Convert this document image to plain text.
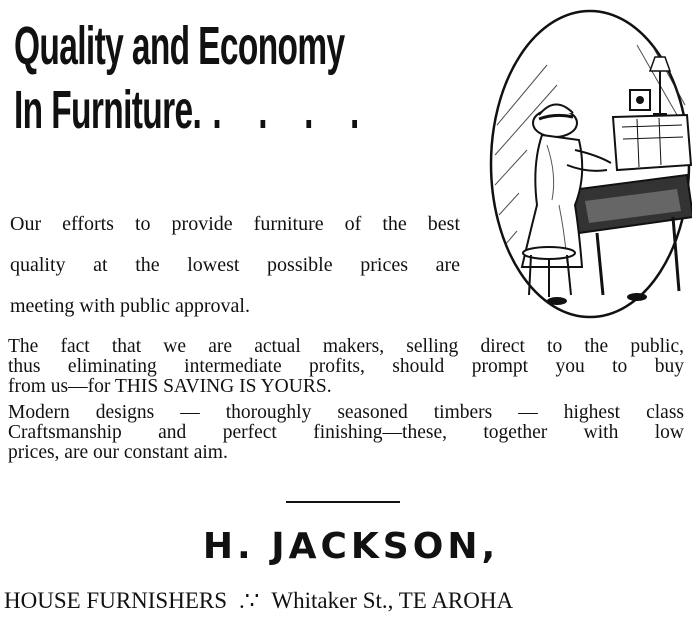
Quality and Economy
In Furniture. . . . .

Our efforts to provide furniture of the best
quality at the lowest possible prices are
meeting with public approval.

The fact that we are actual makers, selling direct to the public,
thus eliminating intermediate profits, should prompt you to buy
from us—for THIS SAVING IS YOURS.
Modern designs — thoroughly seasoned timbers — highest class
Craftsmanship and perfect finishing—these, together with low
prices, are our constant aim.
H. JACKSON,

HOUSE FURNISHERS .∵ Whitaker St., TE AROHA
